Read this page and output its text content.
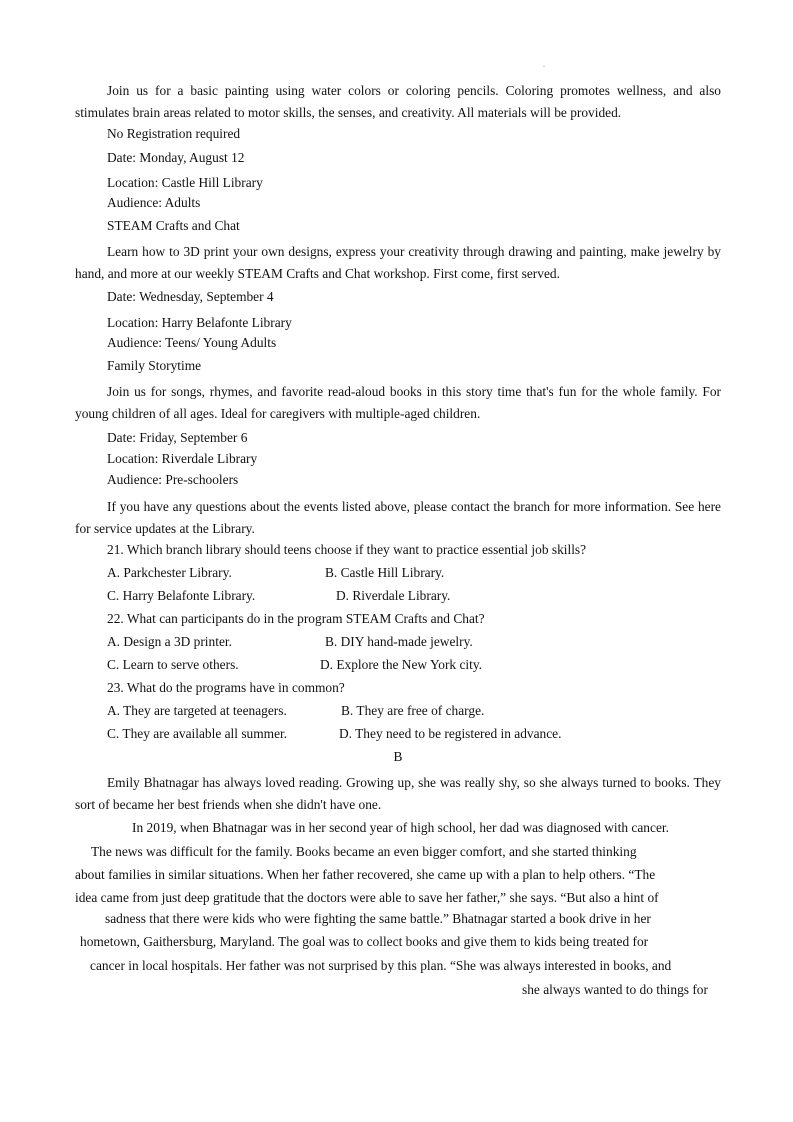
.
Join us for a basic painting using water colors or coloring pencils. Coloring promotes wellness, and also stimulates brain areas related to motor skills, the senses, and creativity. All materials will be provided.
No Registration required
Date: Monday, August 12
Location: Castle Hill Library
Audience: Adults
STEAM Crafts and Chat
Learn how to 3D print your own designs, express your creativity through drawing and painting, make jewelry by hand, and more at our weekly STEAM Crafts and Chat workshop. First come, first served.
Date: Wednesday, September 4
Location: Harry Belafonte Library
Audience: Teens/ Young Adults
Family Storytime
Join us for songs, rhymes, and favorite read-aloud books in this story time that's fun for the whole family. For young children of all ages. Ideal for caregivers with multiple-aged children.
Date: Friday, September 6
Location: Riverdale Library
Audience: Pre-schoolers
If you have any questions about the events listed above, please contact the branch for more information. See here for service updates at the Library.
21. Which branch library should teens choose if they want to practice essential job skills?
A. Parkchester Library.	B. Castle Hill Library.
C. Harry Belafonte Library.	D. Riverdale Library.
22. What can participants do in the program STEAM Crafts and Chat?
A. Design a 3D printer.	B. DIY hand-made jewelry.
C. Learn to serve others.	D. Explore the New York city.
23. What do the programs have in common?
A. They are targeted at teenagers.	B. They are free of charge.
C. They are available all summer.	D. They need to be registered in advance.
B
Emily Bhatnagar has always loved reading. Growing up, she was really shy, so she always turned to books. They sort of became her best friends when she didn't have one.
In 2019, when Bhatnagar was in her second year of high school, her dad was diagnosed with cancer.
The news was difficult for the family. Books became an even bigger comfort, and she started thinking
about families in similar situations. When her father recovered, she came up with a plan to help others. “The
idea came from just deep gratitude that the doctors were able to save her father,” she says. “But also a hint of
sadness that there were kids who were fighting the same battle.” Bhatnagar started a book drive in her
hometown, Gaithersburg, Maryland. The goal was to collect books and give them to kids being treated for
cancer in local hospitals. Her father was not surprised by this plan. “She was always interested in books, and
she always wanted to do things for
